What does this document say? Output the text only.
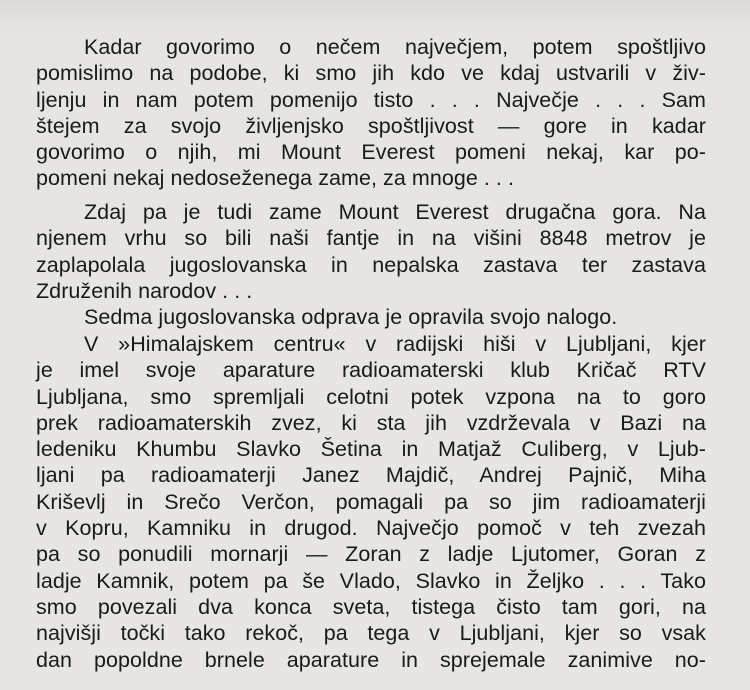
Kadar govorimo o nečem največjem, potem spoštljivo
pomislimo na podobe, ki smo jih kdo ve kdaj ustvarili v živ-
ljenju in nam potem pomenijo tisto . . . Največje . . . Sam
štejem za svojo življenjsko spoštljivost — gore in kadar
govorimo o njih, mi Mount Everest pomeni nekaj, kar po-
pomeni nekaj nedoseženega zame, za mnoge . . .

Zdaj pa je tudi zame Mount Everest drugačna gora. Na
njenem vrhu so bili naši fantje in na višini 8848 metrov je
zaplapolala jugoslovanska in nepalska zastava ter zastava
Združenih narodov . . .

Sedma jugoslovanska odprava je opravila svojo nalogo.

V »Himalajskem centru« v radijski hiši v Ljubljani, kjer
je imel svoje aparature radioamaterski klub Kričač RTV
Ljubljana, smo spremljali celotni potek vzpona na to goro
prek radioamaterskih zvez, ki sta jih vzdrževala v Bazi na
ledeniku Khumbu Slavko Šetina in Matjaž Culiberg, v Ljub-
ljani pa radioamaterji Janez Majdič, Andrej Pajnič, Miha
Kriševlj in Srečo Verčon, pomagali pa so jim radioamaterji
v Kopru, Kamniku in drugod. Največjo pomoč v teh zvezah
pa so ponudili mornarji — Zoran z ladje Ljutomer, Goran z
ladje Kamnik, potem pa še Vlado, Slavko in Željko . . . Tako
smo povezali dva konca sveta, tistega čisto tam gori, na
najvišji točki tako rekoč, pa tega v Ljubljani, kjer so vsak
dan popoldne brnele aparature in sprejemale zanimive no-
